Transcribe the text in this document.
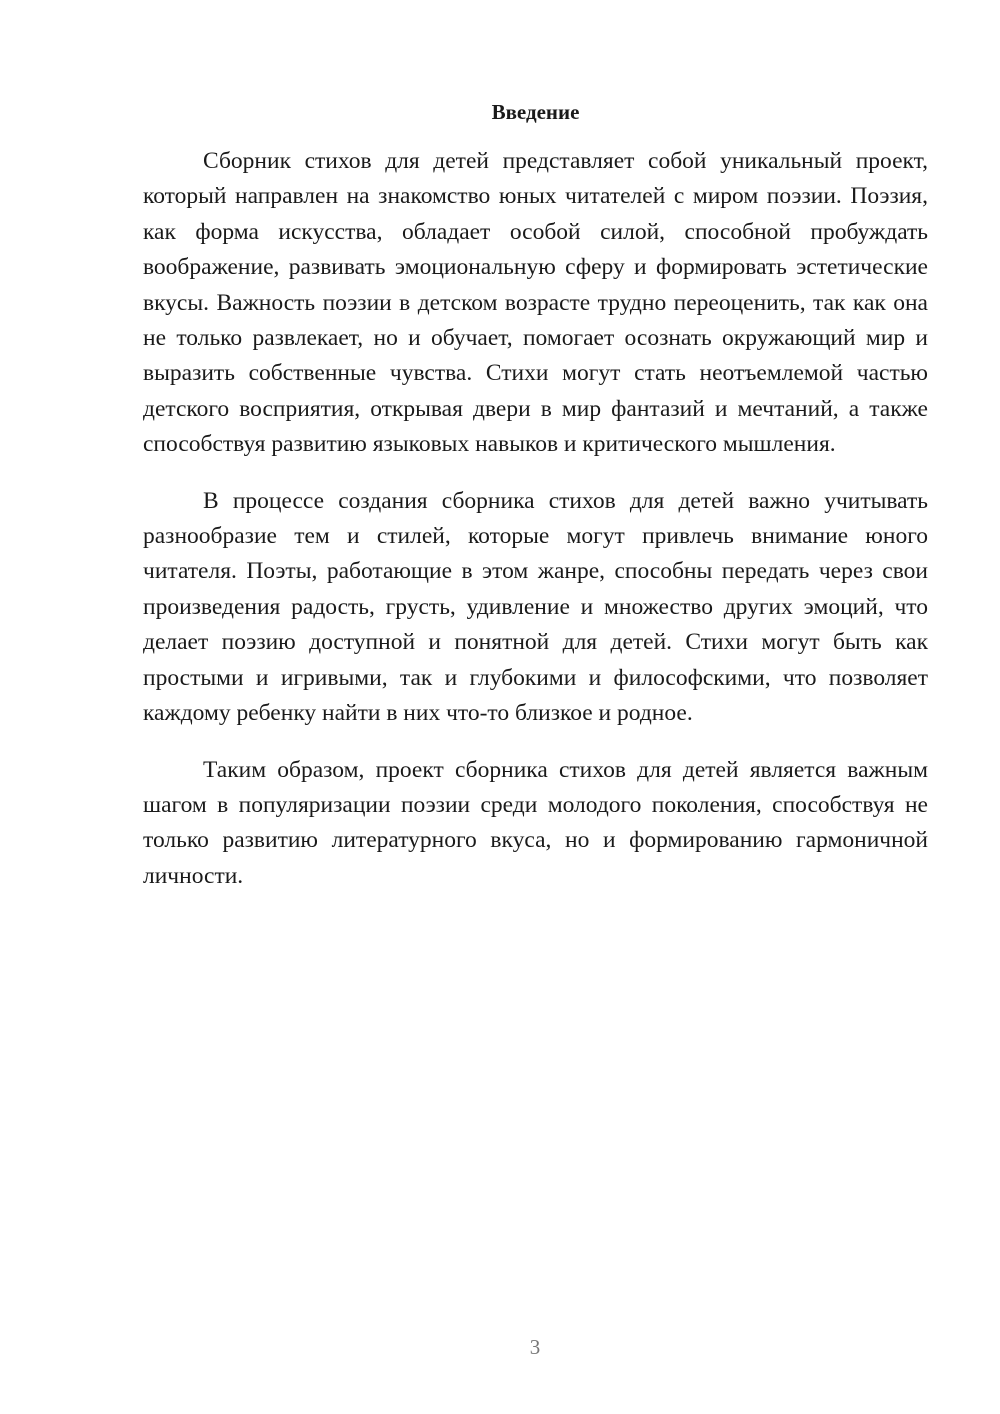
Введение

Сборник стихов для детей представляет собой уникальный проект, который направлен на знакомство юных читателей с миром поэзии. Поэзия, как форма искусства, обладает особой силой, способной пробуждать воображение, развивать эмоциональную сферу и формировать эстетические вкусы. Важность поэзии в детском возрасте трудно переоценить, так как она не только развлекает, но и обучает, помогает осознать окружающий мир и выразить собственные чувства. Стихи могут стать неотъемлемой частью детского восприятия, открывая двери в мир фантазий и мечтаний, а также способствуя развитию языковых навыков и критического мышления.

В процессе создания сборника стихов для детей важно учитывать разнообразие тем и стилей, которые могут привлечь внимание юного читателя. Поэты, работающие в этом жанре, способны передать через свои произведения радость, грусть, удивление и множество других эмоций, что делает поэзию доступной и понятной для детей. Стихи могут быть как простыми и игривыми, так и глубокими и философскими, что позволяет каждому ребенку найти в них что-то близкое и родное.

Таким образом, проект сборника стихов для детей является важным шагом в популяризации поэзии среди молодого поколения, способствуя не только развитию литературного вкуса, но и формированию гармоничной личности.

3
